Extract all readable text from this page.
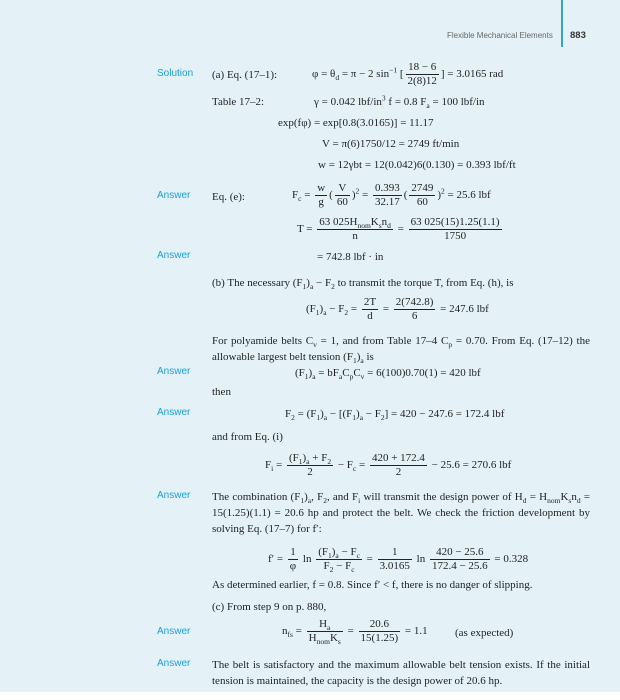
Flexible Mechanical Elements 883
Solution (a) Eq. (17–1):	$\varphi = \theta_d = \pi - 2$ $\sin^{-1}$ [ $\frac{18 - 6}{2(8)12}$ ] = 3.0165 rad
Table 17–2:	γ = 0.042 lbf/$in^3$ f = 0.8 $F_a = 100$ lbf/in
exp(fφ) = exp[0.8(3.0165)] = 11.17
V = π(6)1750/12 = 2749 ft/min
w = 12γbt = 12(0.042)6(0.130) = 0.393 lbf/ft
Answer Eq. (e):	$F_c = \frac{w}{g}$ ( $\frac{V}{60} )^2 = \frac{0.393}{32.17}$ ( $\frac{2749}{60} )^2 = 25.6$ lbf
$T = \frac{63 025H_{nom}K_sn_d}{n} = \frac{63 025(15)1.25(1.1)}{1750}$
Answer	= 742.8 lbf · in
(b) The necessary $(F_1)_a - F_2$ to transmit the torque T, from Eq. (h), is
$(F_1)_a - F_2 = \frac{2T}{d} = \frac{2(742.8)}{6} = 247.6$ lbf
For polyamide belts $C_v = 1$, and from Table 17–4 $C_p = 0.70$. From Eq. (17–12) the allowable largest belt tension $(F_1)_a$ is
Answer	$(F_1)_a = bF_aC_pC_v = 6(100)0.70(1) = 420$ lbf
then
Answer	$F_2 = (F_1)_a - [(F_1)_a - F_2] = 420 - 247.6 = 172.4$ lbf
and from Eq. (i)
$F_i = \frac{(F_1)_a + F_2}{2} - F_c = \frac{420 + 172.4}{2} - 25.6 = 270.6$ lbf
Answer The combination $(F_1)_a$, $F_2$, and $F_i$ will transmit the design power of $H_d = H_{nom}K_sn_d = 15(1.25)(1.1) = 20.6$ hp and protect the belt. We check the friction development by solving Eq. (17–7) for f′:
$f' = \frac{1}{\varphi}$ $\ln \frac{(F_1)_a - F_c}{F_2 - F_c} = \frac{1}{3.0165}$ $\ln \frac{420 - 25.6}{172.4 - 25.6} = 0.328$
As determined earlier, f = 0.8. Since f′ < f, there is no danger of slipping.
(c) From step 9 on p. 880,
Answer	$n_{fs} = \frac{H_a}{H_{nom}K_s} = \frac{20.6}{15(1.25)} = 1.1$ (as expected)
Answer The belt is satisfactory and the maximum allowable belt tension exists. If the initial tension is maintained, the capacity is the design power of 20.6 hp.
